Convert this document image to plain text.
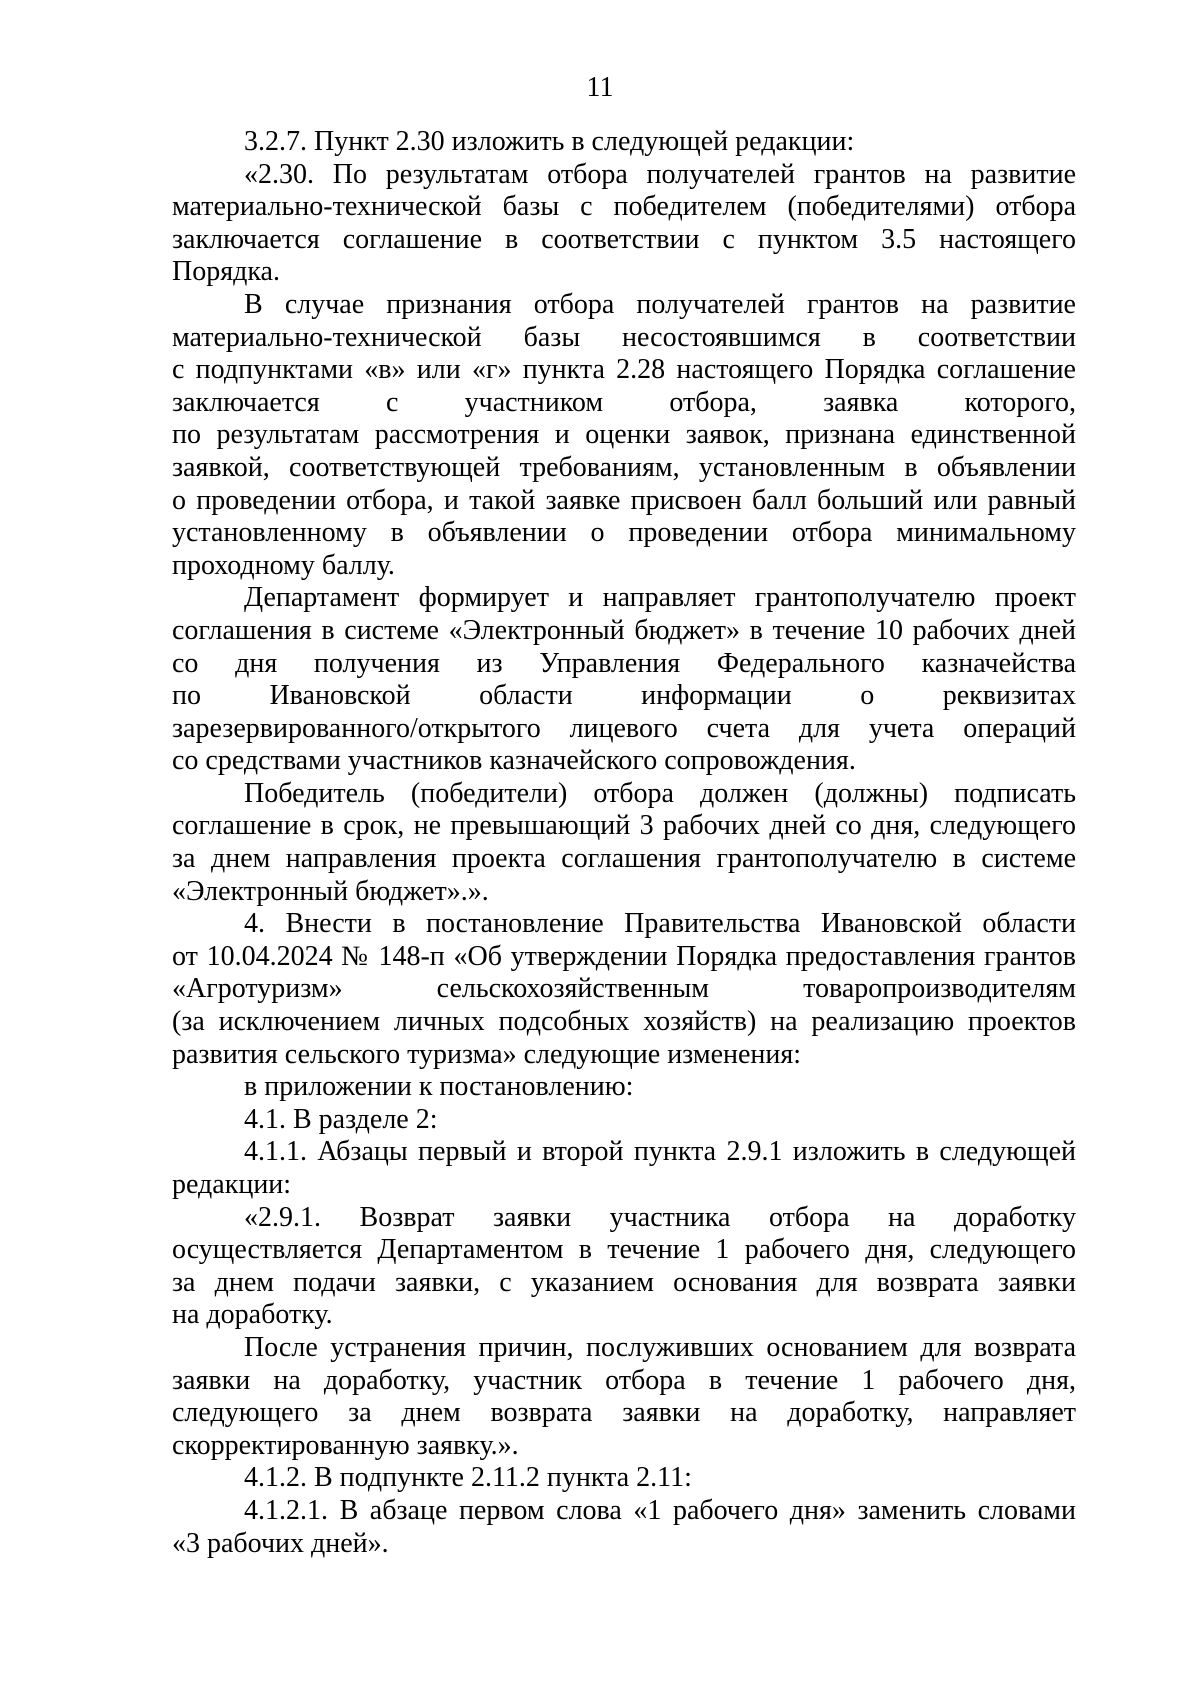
11
3.2.7. Пункт 2.30 изложить в следующей редакции:
«2.30. По результатам отбора получателей грантов на развитие
материально-технической базы с победителем (победителями) отбора
заключается соглашение в соответствии с пунктом 3.5 настоящего
Порядка.
В случае признания отбора получателей грантов на развитие
материально-технической базы несостоявшимся в соответствии
с подпунктами «в» или «г» пункта 2.28 настоящего Порядка соглашение
заключается с участником отбора, заявка которого,
по результатам рассмотрения и оценки заявок, признана единственной
заявкой, соответствующей требованиям, установленным в объявлении
о проведении отбора, и такой заявке присвоен балл больший или равный
установленному в объявлении о проведении отбора минимальному
проходному баллу.
Департамент формирует и направляет грантополучателю проект
соглашения в системе «Электронный бюджет» в течение 10 рабочих дней
со дня получения из Управления Федерального казначейства
по Ивановской области информации о реквизитах
зарезервированного/открытого лицевого счета для учета операций
со средствами участников казначейского сопровождения.
Победитель (победители) отбора должен (должны) подписать
соглашение в срок, не превышающий 3 рабочих дней со дня, следующего
за днем направления проекта соглашения грантополучателю в системе
«Электронный бюджет».».
4. Внести в постановление Правительства Ивановской области
от 10.04.2024 № 148-п «Об утверждении Порядка предоставления грантов
«Агротуризм» сельскохозяйственным товаропроизводителям
(за исключением личных подсобных хозяйств) на реализацию проектов
развития сельского туризма» следующие изменения:
в приложении к постановлению:
4.1. В разделе 2:
4.1.1. Абзацы первый и второй пункта 2.9.1 изложить в следующей
редакции:
«2.9.1. Возврат заявки участника отбора на доработку
осуществляется Департаментом в течение 1 рабочего дня, следующего
за днем подачи заявки, с указанием основания для возврата заявки
на доработку.
После устранения причин, послуживших основанием для возврата
заявки на доработку, участник отбора в течение 1 рабочего дня,
следующего за днем возврата заявки на доработку, направляет
скорректированную заявку.».
4.1.2. В подпункте 2.11.2 пункта 2.11:
4.1.2.1. В абзаце первом слова «1 рабочего дня» заменить словами
«3 рабочих дней».
